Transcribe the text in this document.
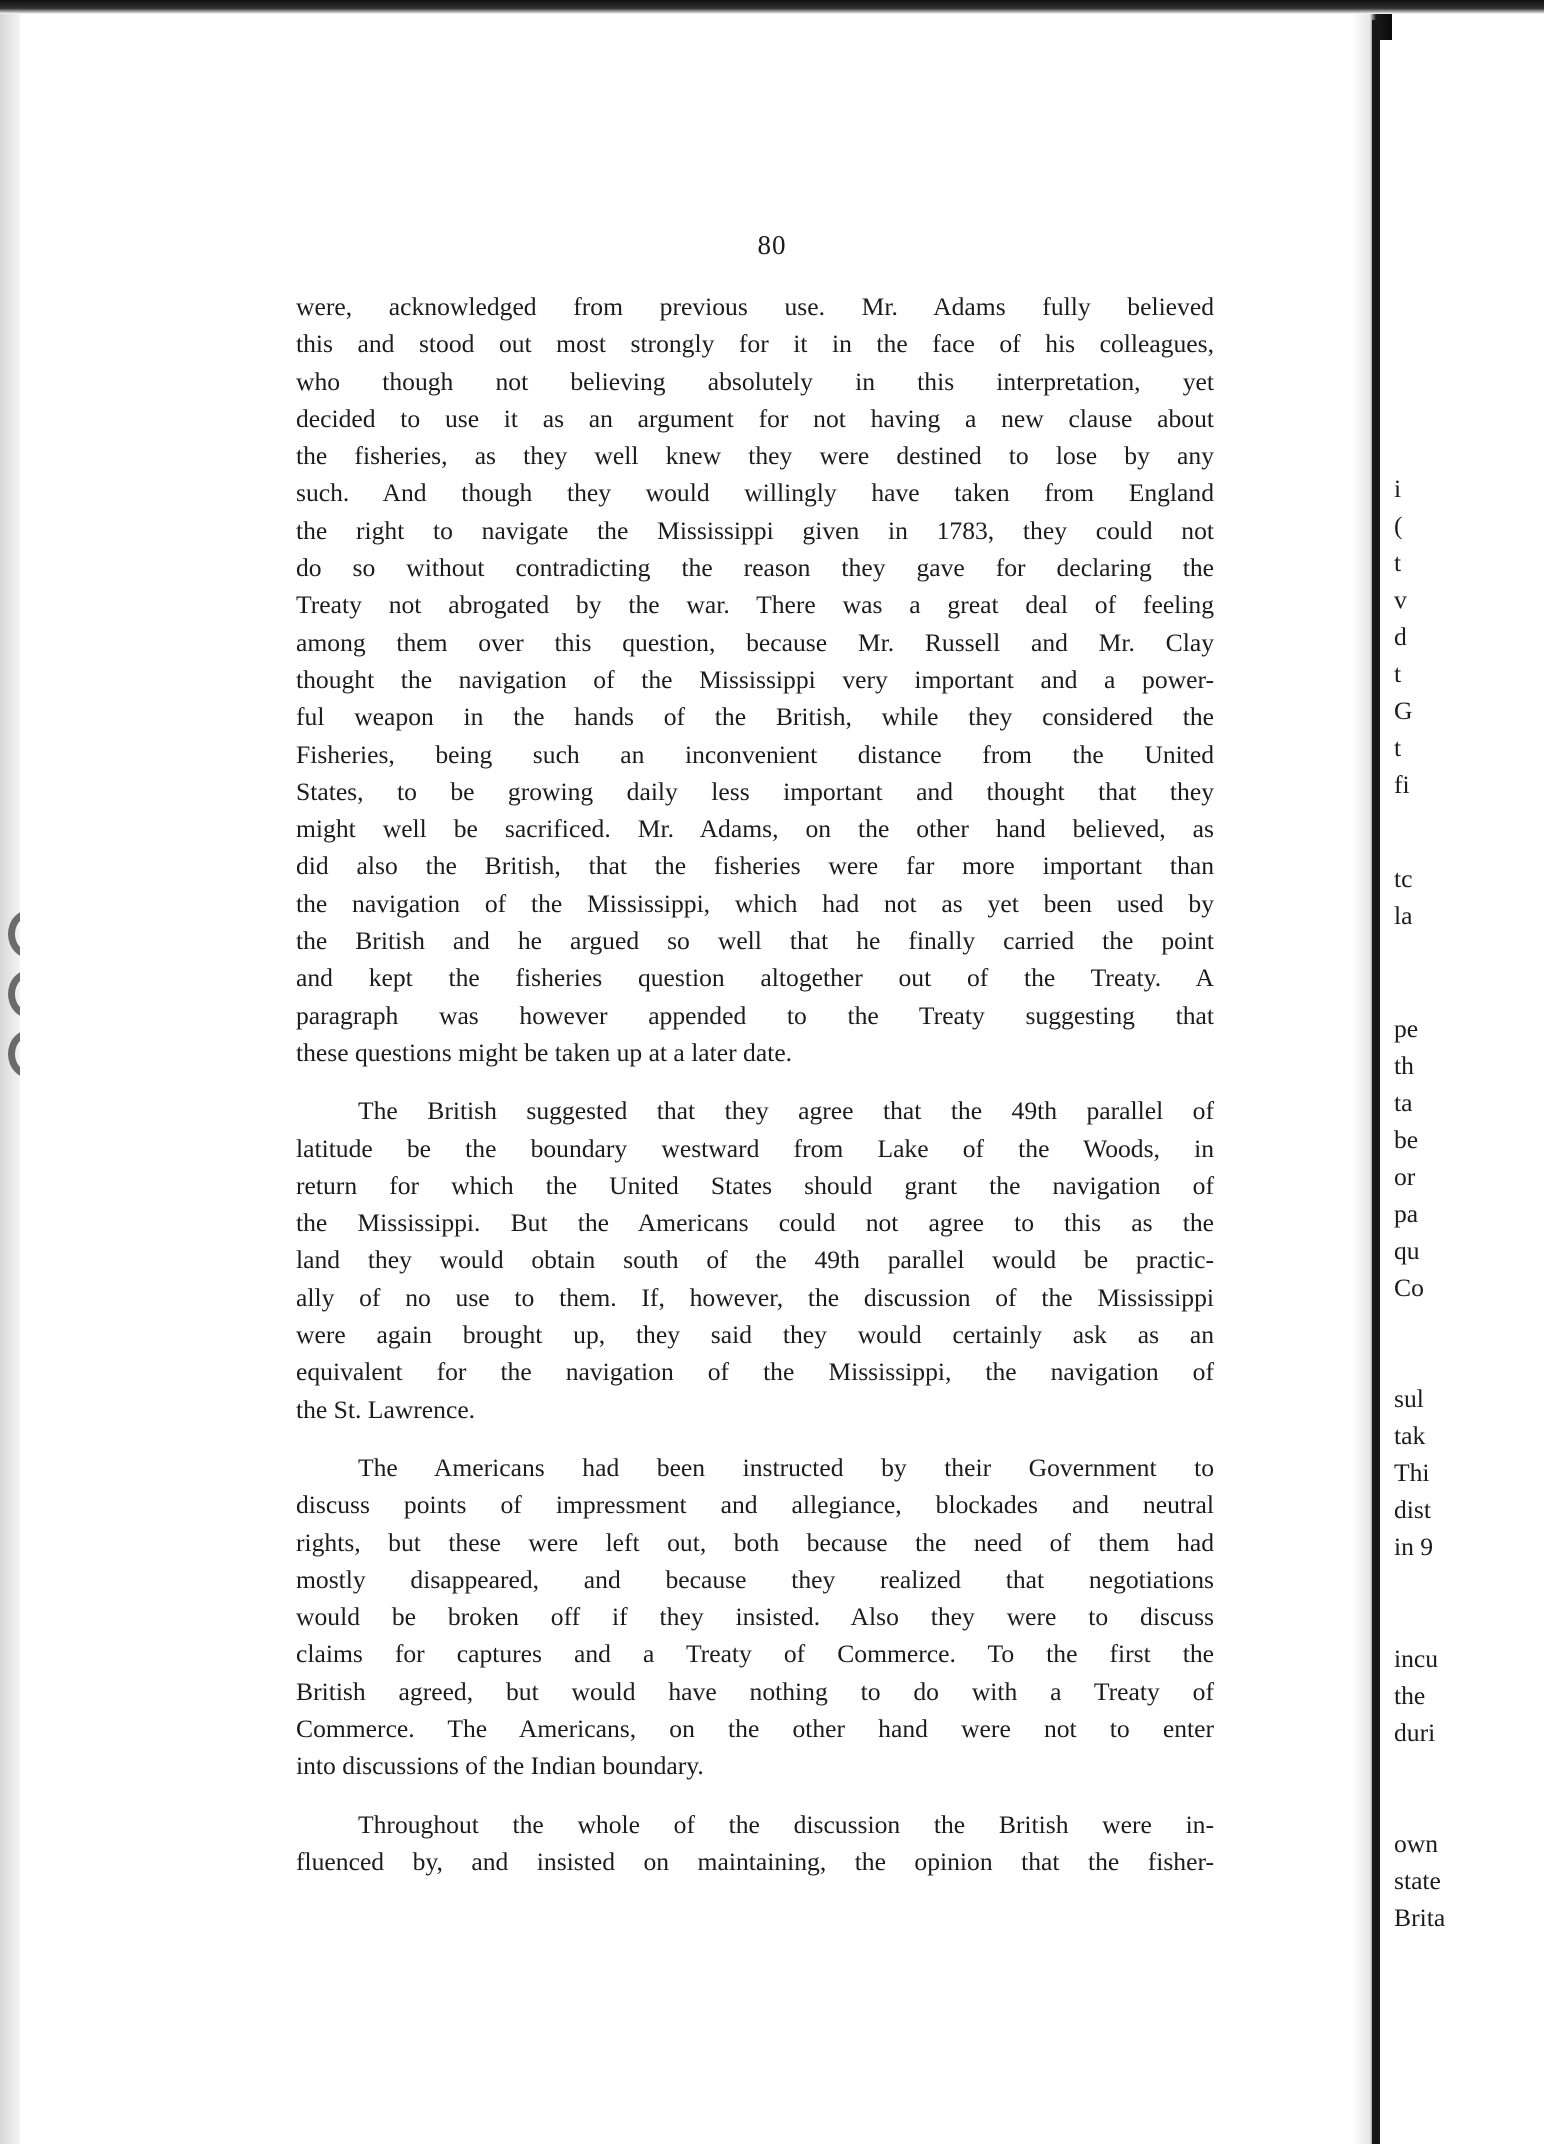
80

were, acknowledged from previous use. Mr. Adams fully believed
this and stood out most strongly for it in the face of his colleagues,
who though not believing absolutely in this interpretation, yet
decided to use it as an argument for not having a new clause about
the fisheries, as they well knew they were destined to lose by any
such. And though they would willingly have taken from England
the right to navigate the Mississippi given in 1783, they could not
do so without contradicting the reason they gave for declaring the
Treaty not abrogated by the war. There was a great deal of feeling
among them over this question, because Mr. Russell and Mr. Clay
thought the navigation of the Mississippi very important and a power-
ful weapon in the hands of the British, while they considered the
Fisheries, being such an inconvenient distance from the United
States, to be growing daily less important and thought that they
might well be sacrificed. Mr. Adams, on the other hand believed, as
did also the British, that the fisheries were far more important than
the navigation of the Mississippi, which had not as yet been used by
the British and he argued so well that he finally carried the point
and kept the fisheries question altogether out of the Treaty. A
paragraph was however appended to the Treaty suggesting that
these questions might be taken up at a later date.

The British suggested that they agree that the 49th parallel of
latitude be the boundary westward from Lake of the Woods, in
return for which the United States should grant the navigation of
the Mississippi. But the Americans could not agree to this as the
land they would obtain south of the 49th parallel would be practic-
ally of no use to them. If, however, the discussion of the Mississippi
were again brought up, they said they would certainly ask as an
equivalent for the navigation of the Mississippi, the navigation of
the St. Lawrence.

The Americans had been instructed by their Government to
discuss points of impressment and allegiance, blockades and neutral
rights, but these were left out, both because the need of them had
mostly disappeared, and because they realized that negotiations
would be broken off if they insisted. Also they were to discuss
claims for captures and a Treaty of Commerce. To the first the
British agreed, but would have nothing to do with a Treaty of
Commerce. The Americans, on the other hand were not to enter
into discussions of the Indian boundary.

Throughout the whole of the discussion the British were in-
fluenced by, and insisted on maintaining, the opinion that the fisher-

i
(
t
v
d
t
G
t
fi
tc
la
pe
th
ta
be
or
pa
qu
Co
sul
tak
Thi
dist
in 9
incu
the
duri
own
state
Brita
